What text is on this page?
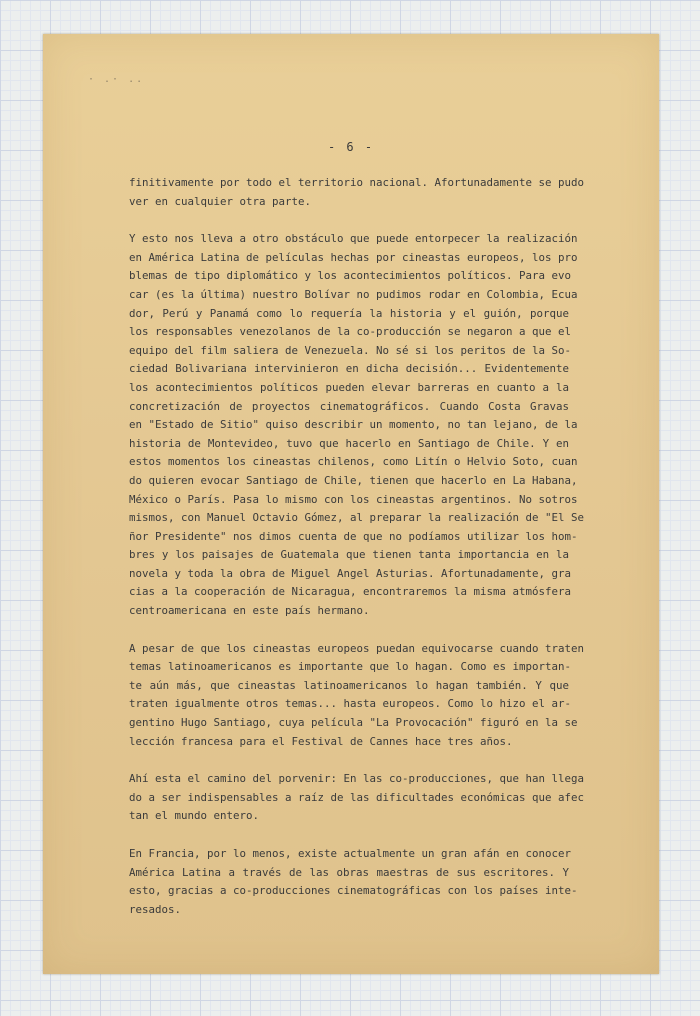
· .· ..
- 6 -
finitivamente por todo el territorio nacional. Afortunadamente se pudo
ver en cualquier otra parte.
Y esto nos lleva a otro obstáculo que puede entorpecer la realización
en América Latina de películas hechas por cineastas europeos, los pro
blemas de tipo diplomático y los acontecimientos políticos. Para evo
car (es la última) nuestro Bolívar no pudimos rodar en Colombia, Ecua
dor, Perú y Panamá como lo requería la historia y el guión, porque
los responsables venezolanos de la co-producción se negaron a que el
equipo del film saliera de Venezuela. No sé si los peritos de la So-
ciedad Bolivariana intervinieron en dicha decisión... Evidentemente
los acontecimientos políticos pueden elevar barreras en cuanto a la
concretización de proyectos cinematográficos. Cuando Costa Gravas
en "Estado de Sitio" quiso describir un momento, no tan lejano, de la
historia de Montevideo, tuvo que hacerlo en Santiago de Chile. Y en
estos momentos los cineastas chilenos, como Litín o Helvio Soto, cuan
do quieren evocar Santiago de Chile, tienen que hacerlo en La Habana,
México o París. Pasa lo mismo con los cineastas argentinos. No sotros
mismos, con Manuel Octavio Gómez, al preparar la realización de "El Se
ñor Presidente" nos dimos cuenta de que no podíamos utilizar los hom-
bres y los paisajes de Guatemala que tienen tanta importancia en la
novela y toda la obra de Miguel Angel Asturias. Afortunadamente, gra
cias a la cooperación de Nicaragua, encontraremos la misma atmósfera
centroamericana en este país hermano.
A pesar de que los cineastas europeos puedan equivocarse cuando traten
temas latinoamericanos es importante que lo hagan. Como es importan-
te aún más, que cineastas latinoamericanos lo hagan también. Y que
traten igualmente otros temas... hasta europeos. Como lo hizo el ar-
gentino Hugo Santiago, cuya película "La Provocación" figuró en la se
lección francesa para el Festival de Cannes hace tres años.
Ahí esta el camino del porvenir: En las co-producciones, que han llega
do a ser indispensables a raíz de las dificultades económicas que afec
tan el mundo entero.
En Francia, por lo menos, existe actualmente un gran afán en conocer
América Latina a través de las obras maestras de sus escritores. Y
esto, gracias a co-producciones cinematográficas con los países inte-
resados.
